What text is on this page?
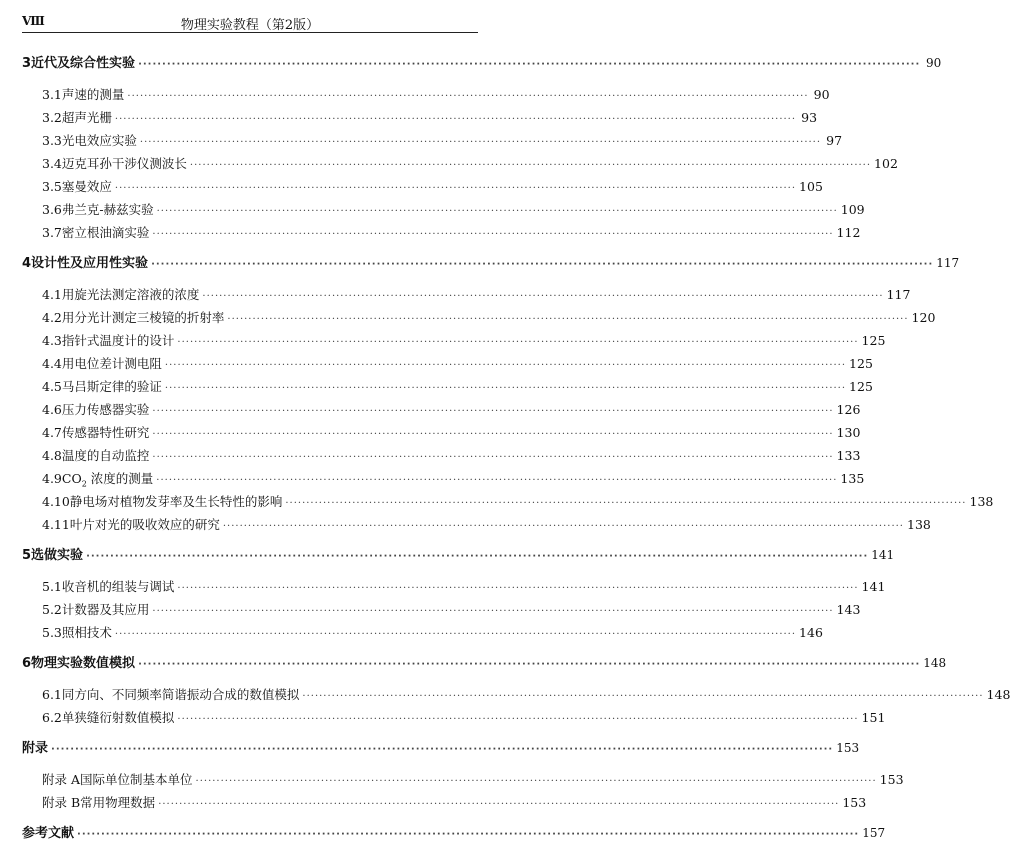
Ⅷ	物理实验教程（第2版）
3 近代及综合性实验 ·····	90
3.1 声速的测量 ·····	90
3.2 超声光栅 ·····	93
3.3 光电效应实验 ·····	97
3.4 迈克耳孙干涉仪测波长 ·····	102
3.5 塞曼效应 ·····	105
3.6 弗兰克-赫兹实验 ·····	109
3.7 密立根油滴实验 ·····	112
4 设计性及应用性实验 ·····	117
4.1 用旋光法测定溶液的浓度 ·····	117
4.2 用分光计测定三棱镜的折射率 ·····	120
4.3 指针式温度计的设计 ·····	125
4.4 用电位差计测电阻 ·····	125
4.5 马吕斯定律的验证 ·····	125
4.6 压力传感器实验 ·····	126
4.7 传感器特性研究 ·····	130
4.8 温度的自动监控 ·····	133
4.9 $CO_2$ 浓度的测量 ·····	135
4.10 静电场对植物发芽率及生长特性的影响 ·····	138
4.11 叶片对光的吸收效应的研究 ·····	138
5 选做实验 ·····	141
5.1 收音机的组装与调试 ·····	141
5.2 计数器及其应用 ·····	143
5.3 照相技术 ·····	146
6 物理实验数值模拟 ·····	148
6.1 同方向、不同频率简谐振动合成的数值模拟 ·····	148
6.2 单狭缝衍射数值模拟 ·····	151
附录 ·····	153
附录 A 国际单位制基本单位 ·····	153
附录 B 常用物理数据 ·····	153
参考文献 ·····	157
